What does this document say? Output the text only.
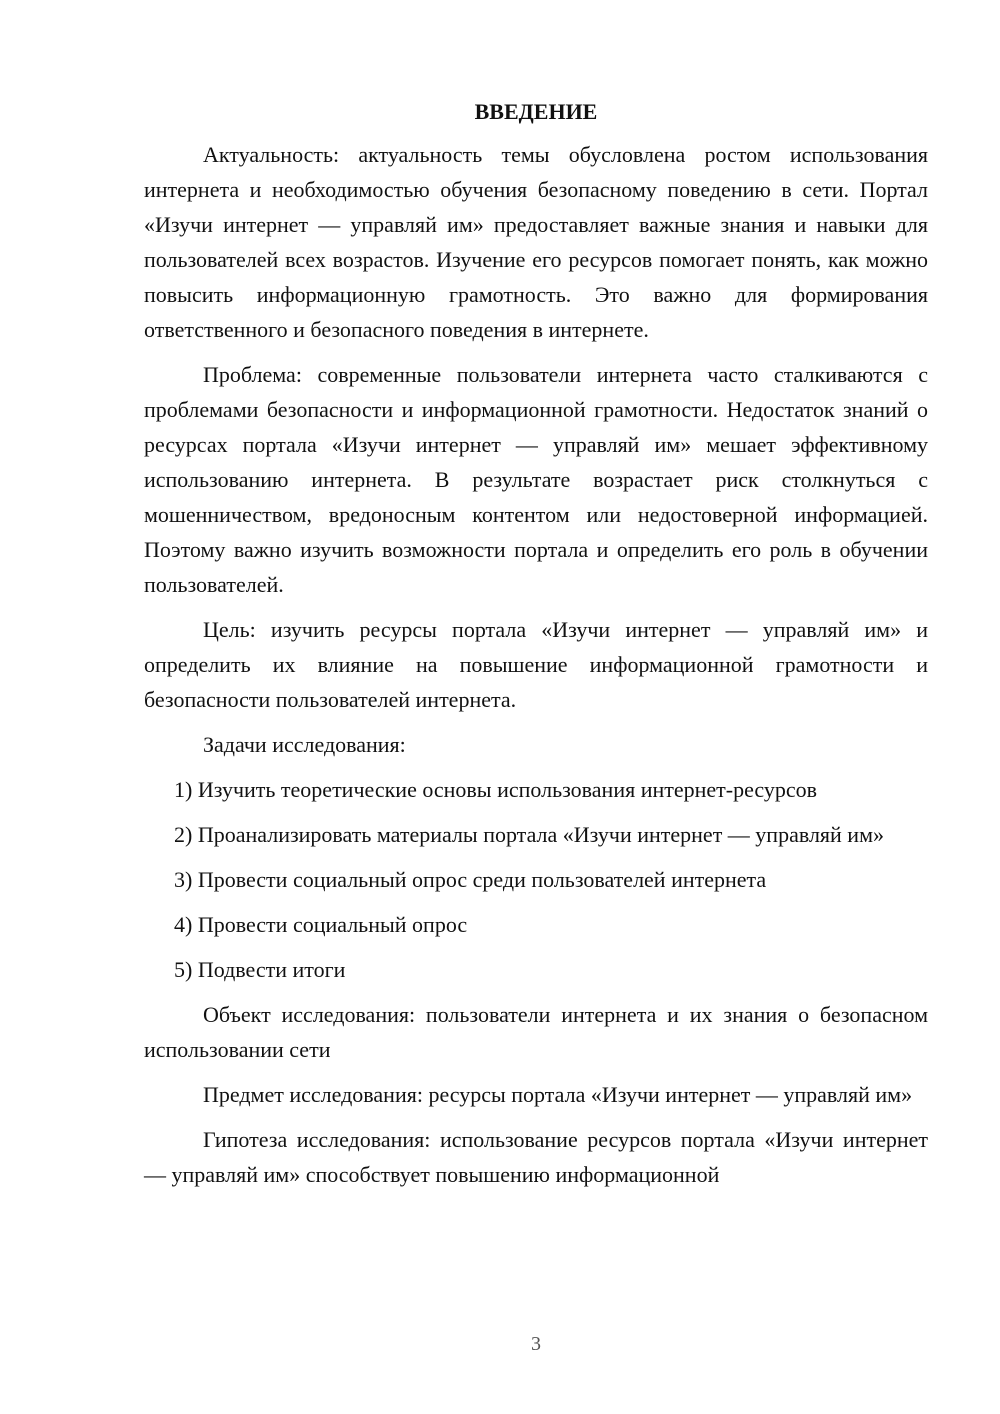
ВВЕДЕНИЕ

Актуальность: актуальность темы обусловлена ростом использования интернета и необходимостью обучения безопасному поведению в сети. Портал «Изучи интернет — управляй им» предоставляет важные знания и навыки для пользователей всех возрастов. Изучение его ресурсов помогает понять, как можно повысить информационную грамотность. Это важно для формирования ответственного и безопасного поведения в интернете.

Проблема: современные пользователи интернета часто сталкиваются с проблемами безопасности и информационной грамотности. Недостаток знаний о ресурсах портала «Изучи интернет — управляй им» мешает эффективному использованию интернета. В результате возрастает риск столкнуться с мошенничеством, вредоносным контентом или недостоверной информацией. Поэтому важно изучить возможности портала и определить его роль в обучении пользователей.

Цель: изучить ресурсы портала «Изучи интернет — управляй им» и определить их влияние на повышение информационной грамотности и безопасности пользователей интернета.

Задачи исследования:

1) Изучить теоретические основы использования интернет-ресурсов

2) Проанализировать материалы портала «Изучи интернет — управляй им»

3) Провести социальный опрос среди пользователей интернета

4) Провести социальный опрос

5) Подвести итоги

Объект исследования: пользователи интернета и их знания о безопасном использовании сети

Предмет исследования: ресурсы портала «Изучи интернет — управляй им»

Гипотеза исследования: использование ресурсов портала «Изучи интернет — управляй им» способствует повышению информационной

3
